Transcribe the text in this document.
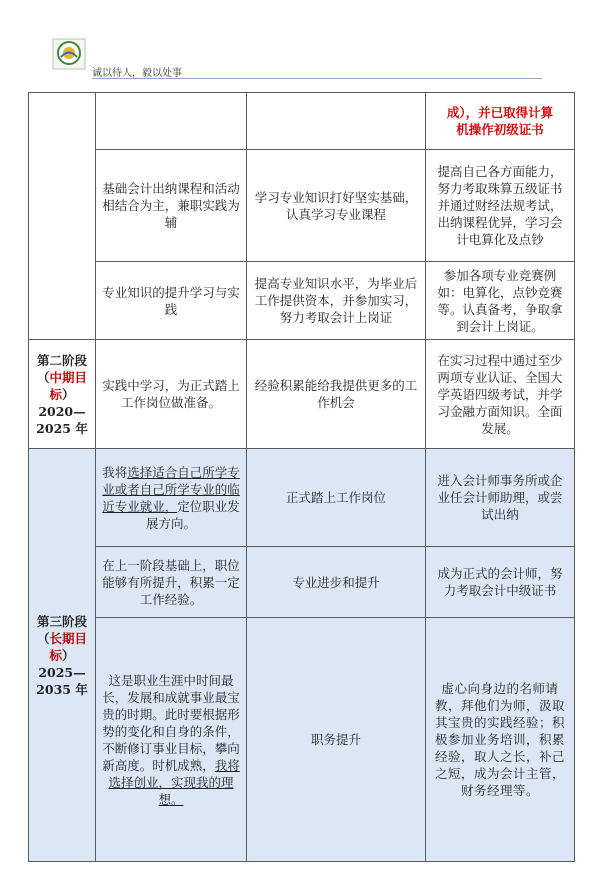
诚以待人，毅以处事

			成），并已取得计算
机操作初级证书

	基础会计出纳课程和活动相结合为主，兼职实践为辅	学习专业知识打好坚实基础，认真学习专业课程	提高自己各方面能力，努力考取珠算五级证书并通过财经法规考试，出纳课程优异，学习会计电算化及点钞
	专业知识的提升学习与实践	提高专业知识水平，为毕业后工作提供资本，并参加实习，努力考取会计上岗证	参加各项专业竞赛例如：电算化，点钞竞赛等。认真备考，争取拿到会计上岗证。
第二阶段（中期目标）
2020—2025 年	实践中学习，为正式踏上工作岗位做准备。	经验积累能给我提供更多的工作机会	在实习过程中通过至少两项专业认证、全国大学英语四级考试，并学习金融方面知识。全面发展。
第三阶段（长期目标）
2025—2035 年	我将选择适合自己所学专业或者自己所学专业的临近专业就业，定位职业发展方向。	正式踏上工作岗位	进入会计师事务所或企业任会计师助理，或尝试出纳
	在上一阶段基础上，职位能够有所提升，积累一定工作经验。	专业进步和提升	成为正式的会计师，努力考取会计中级证书
	这是职业生涯中时间最长，发展和成就事业最宝贵的时期。此时要根据形势的变化和自身的条件，不断修订事业目标，攀向新高度。时机成熟，我将选择创业，实现我的理想。	职务提升	虚心向身边的名师请教，拜他们为师，汲取其宝贵的实践经验；积极参加业务培训，积累经验，取人之长，补己之短，成为会计主管，财务经理等。
